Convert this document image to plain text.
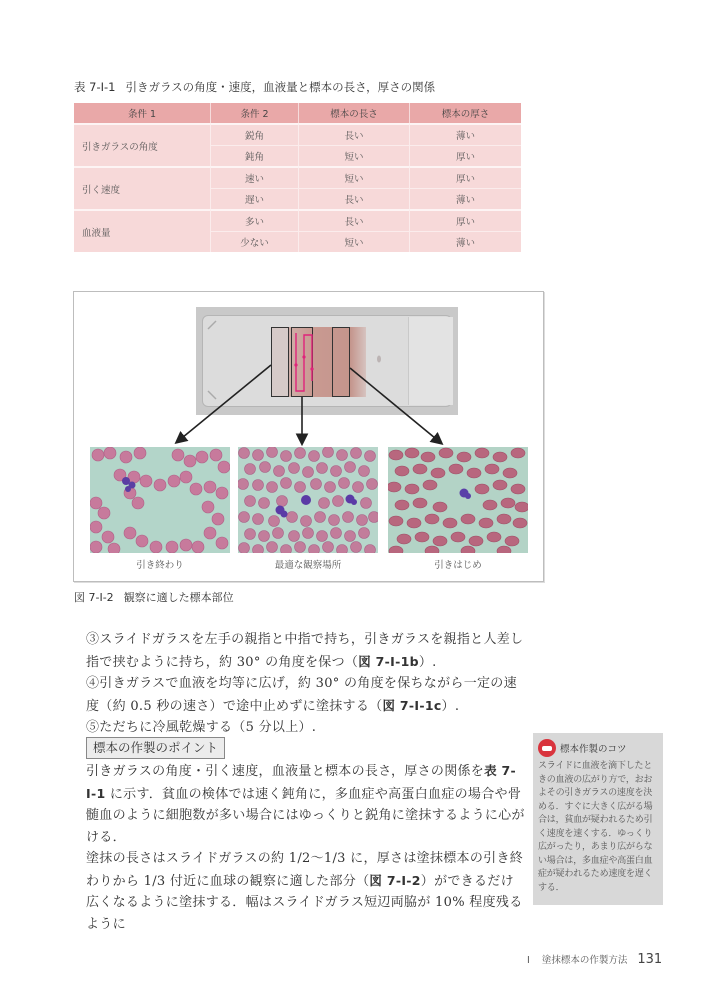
表 7-I-1 引きガラスの角度・速度，血液量と標本の長さ，厚さの関係
条件 1	条件 2	標本の長さ	標本の厚さ
引きガラスの角度	鋭角	長い	薄い
	鈍角	短い	厚い
引く速度	速い	短い	厚い
	遅い	長い	薄い
血液量	多い	長い	厚い
	少ない	短い	薄い
引き終わり	最適な観察場所	引きはじめ
図 7-I-2 観察に適した標本部位
③スライドガラスを左手の親指と中指で持ち，引きガラスを親指と人差し指で挟むように持ち，約 30° の角度を保つ（図 7-I-1b）.
④引きガラスで血液を均等に広げ，約 30° の角度を保ちながら一定の速度（約 0.5 秒の速さ）で途中止めずに塗抹する（図 7-I-1c）.
⑤ただちに冷風乾燥する（5 分以上）.
標本の作製のポイント
引きガラスの角度・引く速度，血液量と標本の長さ，厚さの関係を表 7-I-1 に示す．貧血の検体では速く鈍角に，多血症や高蛋白血症の場合や骨髄血のように細胞数が多い場合にはゆっくりと鋭角に塗抹するように心がける．
塗抹の長さはスライドガラスの約 1/2〜1/3 に，厚さは塗抹標本の引き終わりから 1/3 付近に血球の観察に適した部分（図 7-I-2）ができるだけ広くなるように塗抹する．幅はスライドガラス短辺両脇が 10% 程度残るように
標本作製のコツ
スライドに血液を滴下したときの血液の広がり方で，おおよその引きガラスの速度を決める．すぐに大きく広がる場合は，貧血が疑われるため引く速度を速くする．ゆっくり広がったり，あまり広がらない場合は，多血症や高蛋白血症が疑われるため速度を遅くする．
I 塗抹標本の作製方法 131
